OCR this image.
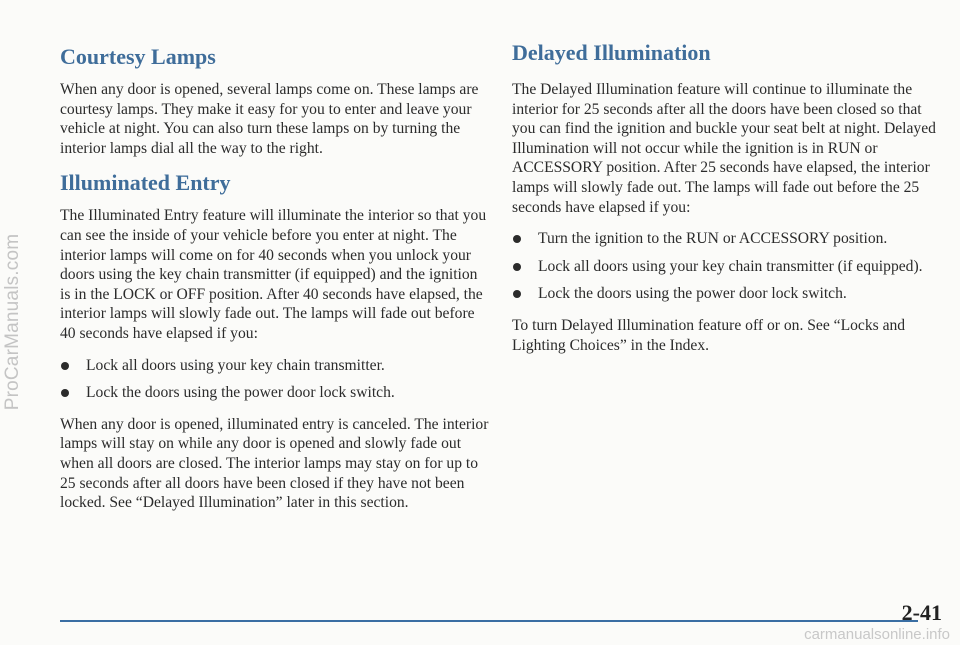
ProCarManuals.com
Courtesy Lamps

When any door is opened, several lamps come on. These lamps are courtesy lamps. They make it easy for you to enter and leave your vehicle at night. You can also turn these lamps on by turning the interior lamps dial all the way to the right.

Illuminated Entry

The Illuminated Entry feature will illuminate the interior so that you can see the inside of your vehicle before you enter at night. The interior lamps will come on for 40 seconds when you unlock your doors using the key chain transmitter (if equipped) and the ignition is in the LOCK or OFF position. After 40 seconds have elapsed, the interior lamps will slowly fade out. The lamps will fade out before 40 seconds have elapsed if you:

Lock all doors using your key chain transmitter.
Lock the doors using the power door lock switch.

When any door is opened, illuminated entry is canceled. The interior lamps will stay on while any door is opened and slowly fade out when all doors are closed. The interior lamps may stay on for up to 25 seconds after all doors have been closed if they have not been locked. See “Delayed Illumination” later in this section.

Delayed Illumination

The Delayed Illumination feature will continue to illuminate the interior for 25 seconds after all the doors have been closed so that you can find the ignition and buckle your seat belt at night. Delayed Illumination will not occur while the ignition is in RUN or ACCESSORY position. After 25 seconds have elapsed, the interior lamps will slowly fade out. The lamps will fade out before the 25 seconds have elapsed if you:

Turn the ignition to the RUN or ACCESSORY position.
Lock all doors using your key chain transmitter (if equipped).
Lock the doors using the power door lock switch.

To turn Delayed Illumination feature off or on. See “Locks and Lighting Choices” in the Index.

2-41
carmanualsonline.info
